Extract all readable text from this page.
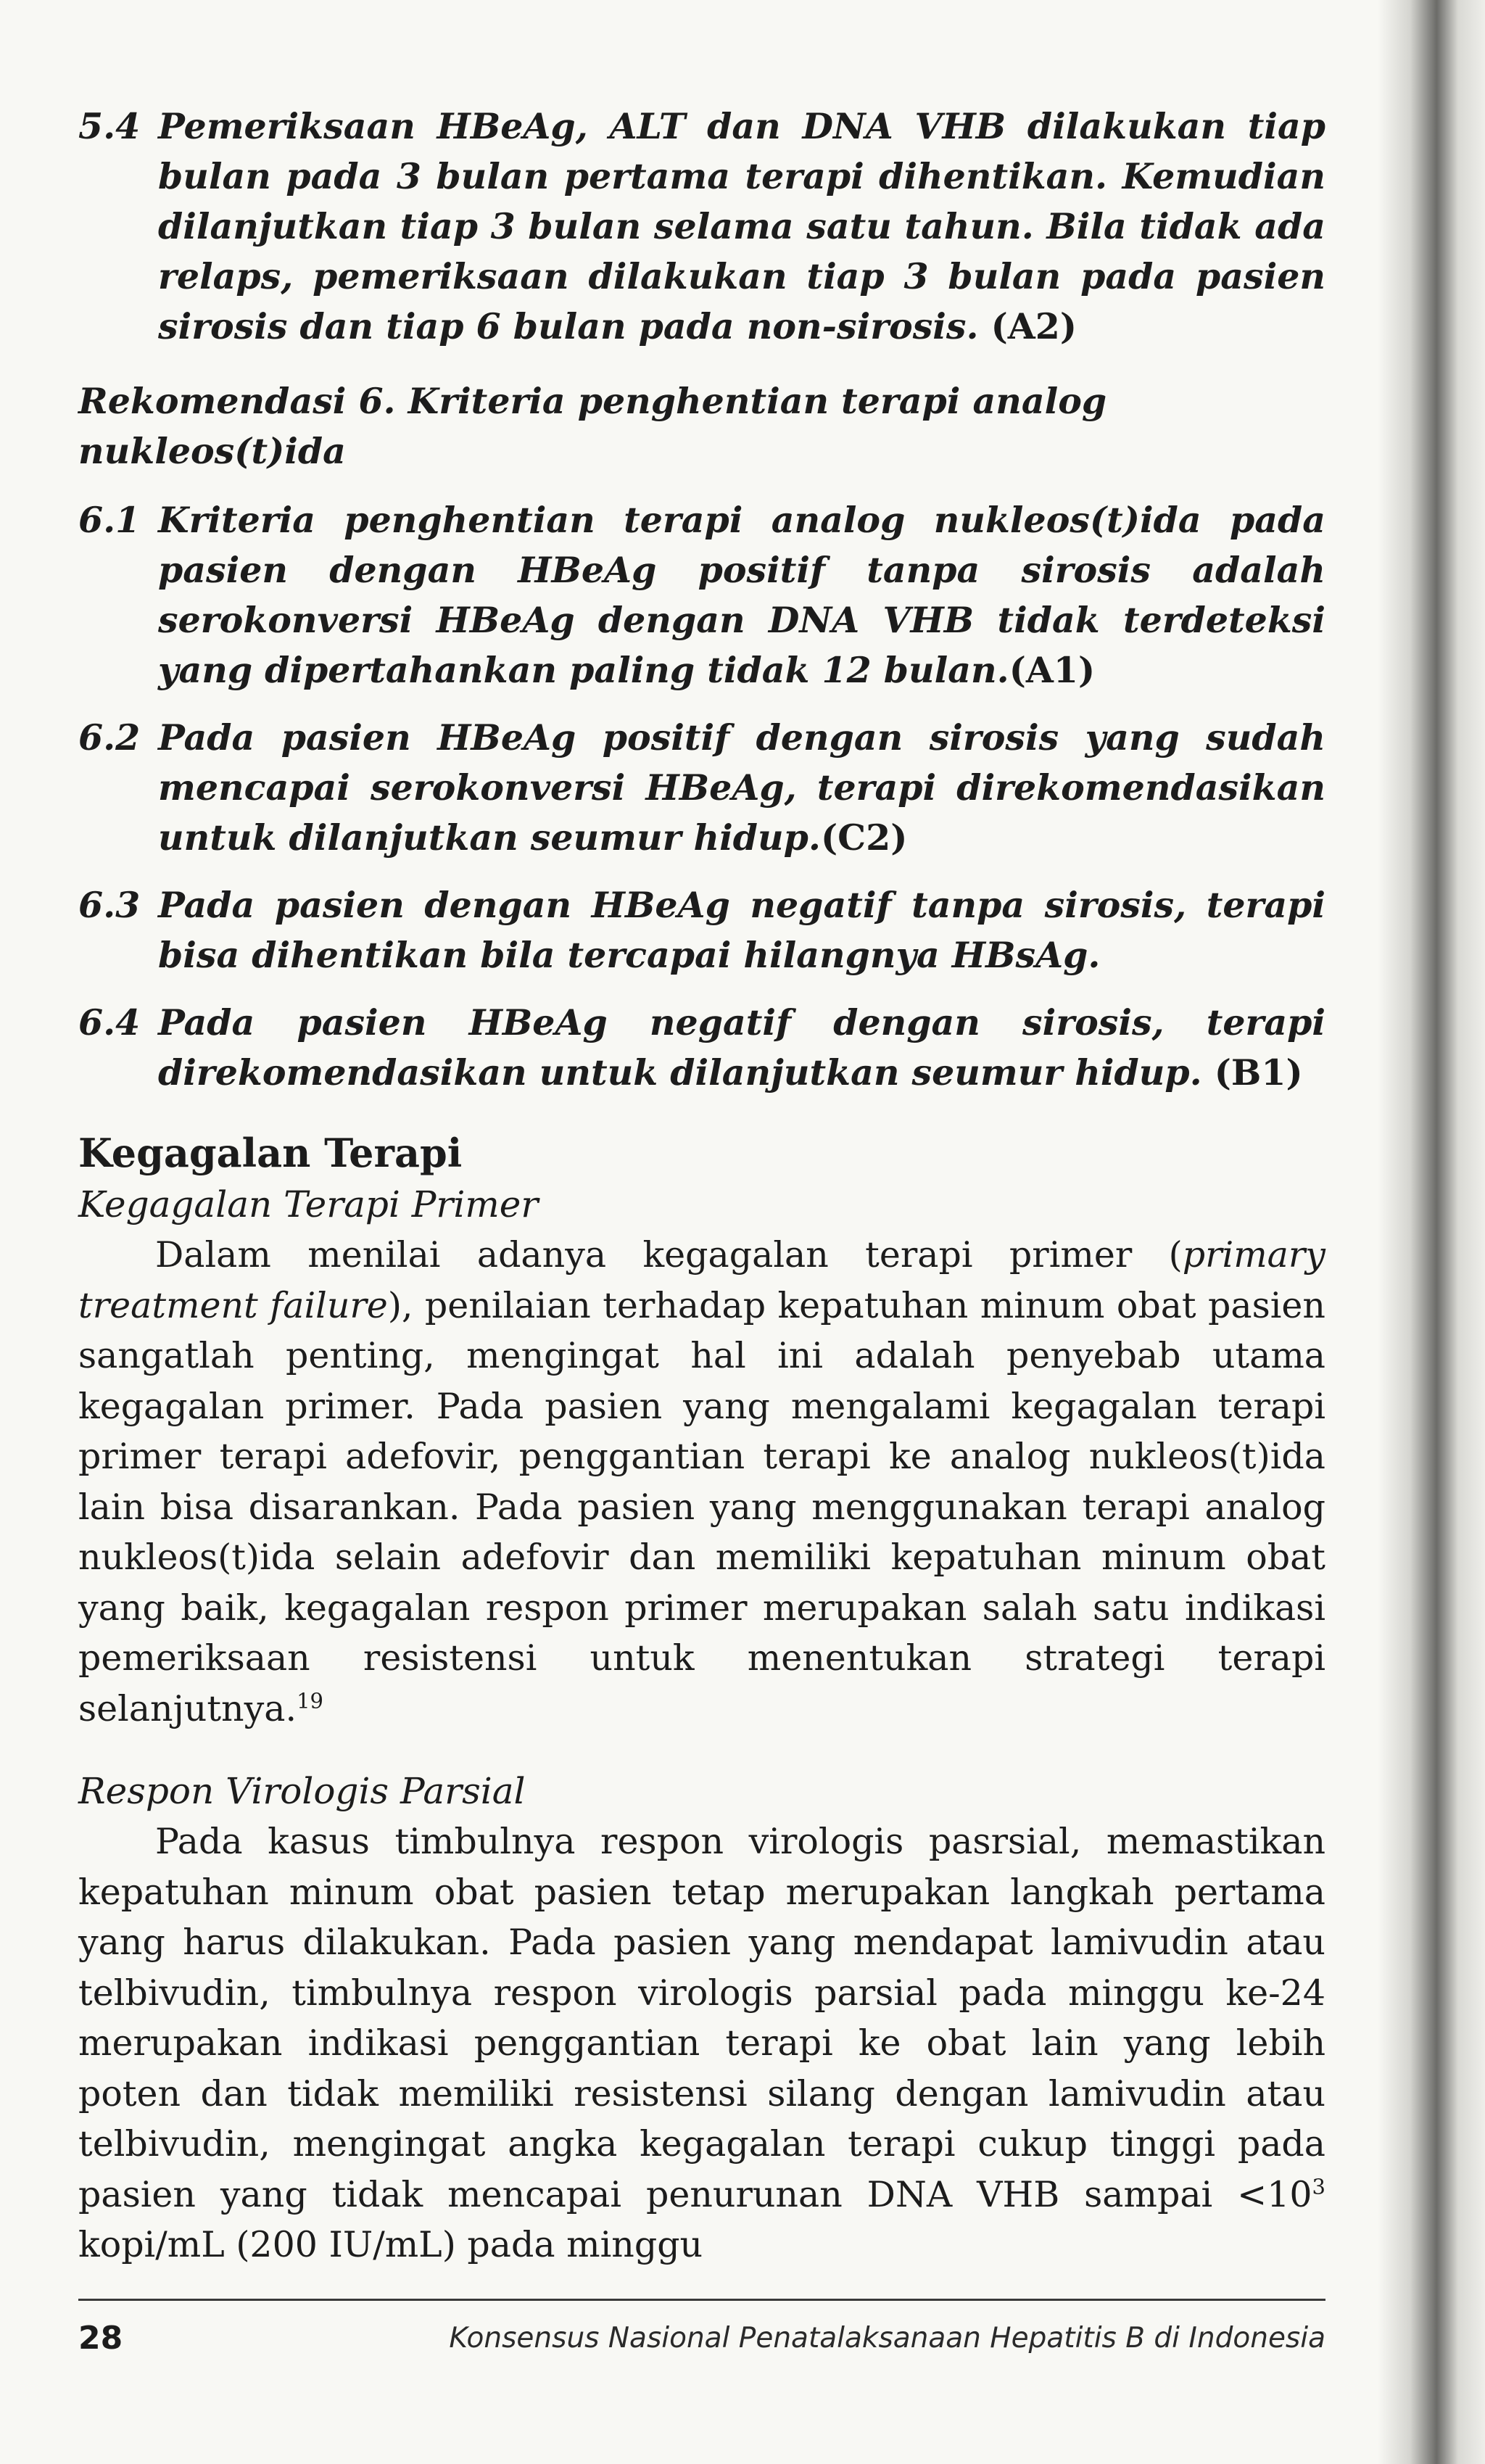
5.4 Pemeriksaan HBeAg, ALT dan DNA VHB dilakukan tiap bulan pada 3 bulan pertama terapi dihentikan. Kemudian dilanjutkan tiap 3 bulan selama satu tahun. Bila tidak ada relaps, pemeriksaan dilakukan tiap 3 bulan pada pasien sirosis dan tiap 6 bulan pada non-sirosis. (A2)
Rekomendasi 6. Kriteria penghentian terapi analog nukleos(t)ida
6.1 Kriteria penghentian terapi analog nukleos(t)ida pada pasien dengan HBeAg positif tanpa sirosis adalah serokonversi HBeAg dengan DNA VHB tidak terdeteksi yang dipertahankan paling tidak 12 bulan.(A1)
6.2 Pada pasien HBeAg positif dengan sirosis yang sudah mencapai serokonversi HBeAg, terapi direkomendasikan untuk dilanjutkan seumur hidup.(C2)
6.3 Pada pasien dengan HBeAg negatif tanpa sirosis, terapi bisa dihentikan bila tercapai hilangnya HBsAg.
6.4 Pada pasien HBeAg negatif dengan sirosis, terapi direkomendasikan untuk dilanjutkan seumur hidup. (B1)
Kegagalan Terapi
Kegagalan Terapi Primer

Dalam menilai adanya kegagalan terapi primer (primary treatment failure), penilaian terhadap kepatuhan minum obat pasien sangatlah penting, mengingat hal ini adalah penyebab utama kegagalan primer. Pada pasien yang mengalami kegagalan terapi primer terapi adefovir, penggantian terapi ke analog nukleos(t)ida lain bisa disarankan. Pada pasien yang menggunakan terapi analog nukleos(t)ida selain adefovir dan memiliki kepatuhan minum obat yang baik, kegagalan respon primer merupakan salah satu indikasi pemeriksaan resistensi untuk menentukan strategi terapi selanjutnya.$^{19}$

Respon Virologis Parsial

Pada kasus timbulnya respon virologis pasrsial, memastikan kepatuhan minum obat pasien tetap merupakan langkah pertama yang harus dilakukan. Pada pasien yang mendapat lamivudin atau telbivudin, timbulnya respon virologis parsial pada minggu ke-24 merupakan indikasi penggantian terapi ke obat lain yang lebih poten dan tidak memiliki resistensi silang dengan lamivudin atau telbivudin, mengingat angka kegagalan terapi cukup tinggi pada pasien yang tidak mencapai penurunan DNA VHB sampai $<10^3$ kopi/mL (200 IU/mL) pada minggu

28	Konsensus Nasional Penatalaksanaan Hepatitis B di Indonesia
